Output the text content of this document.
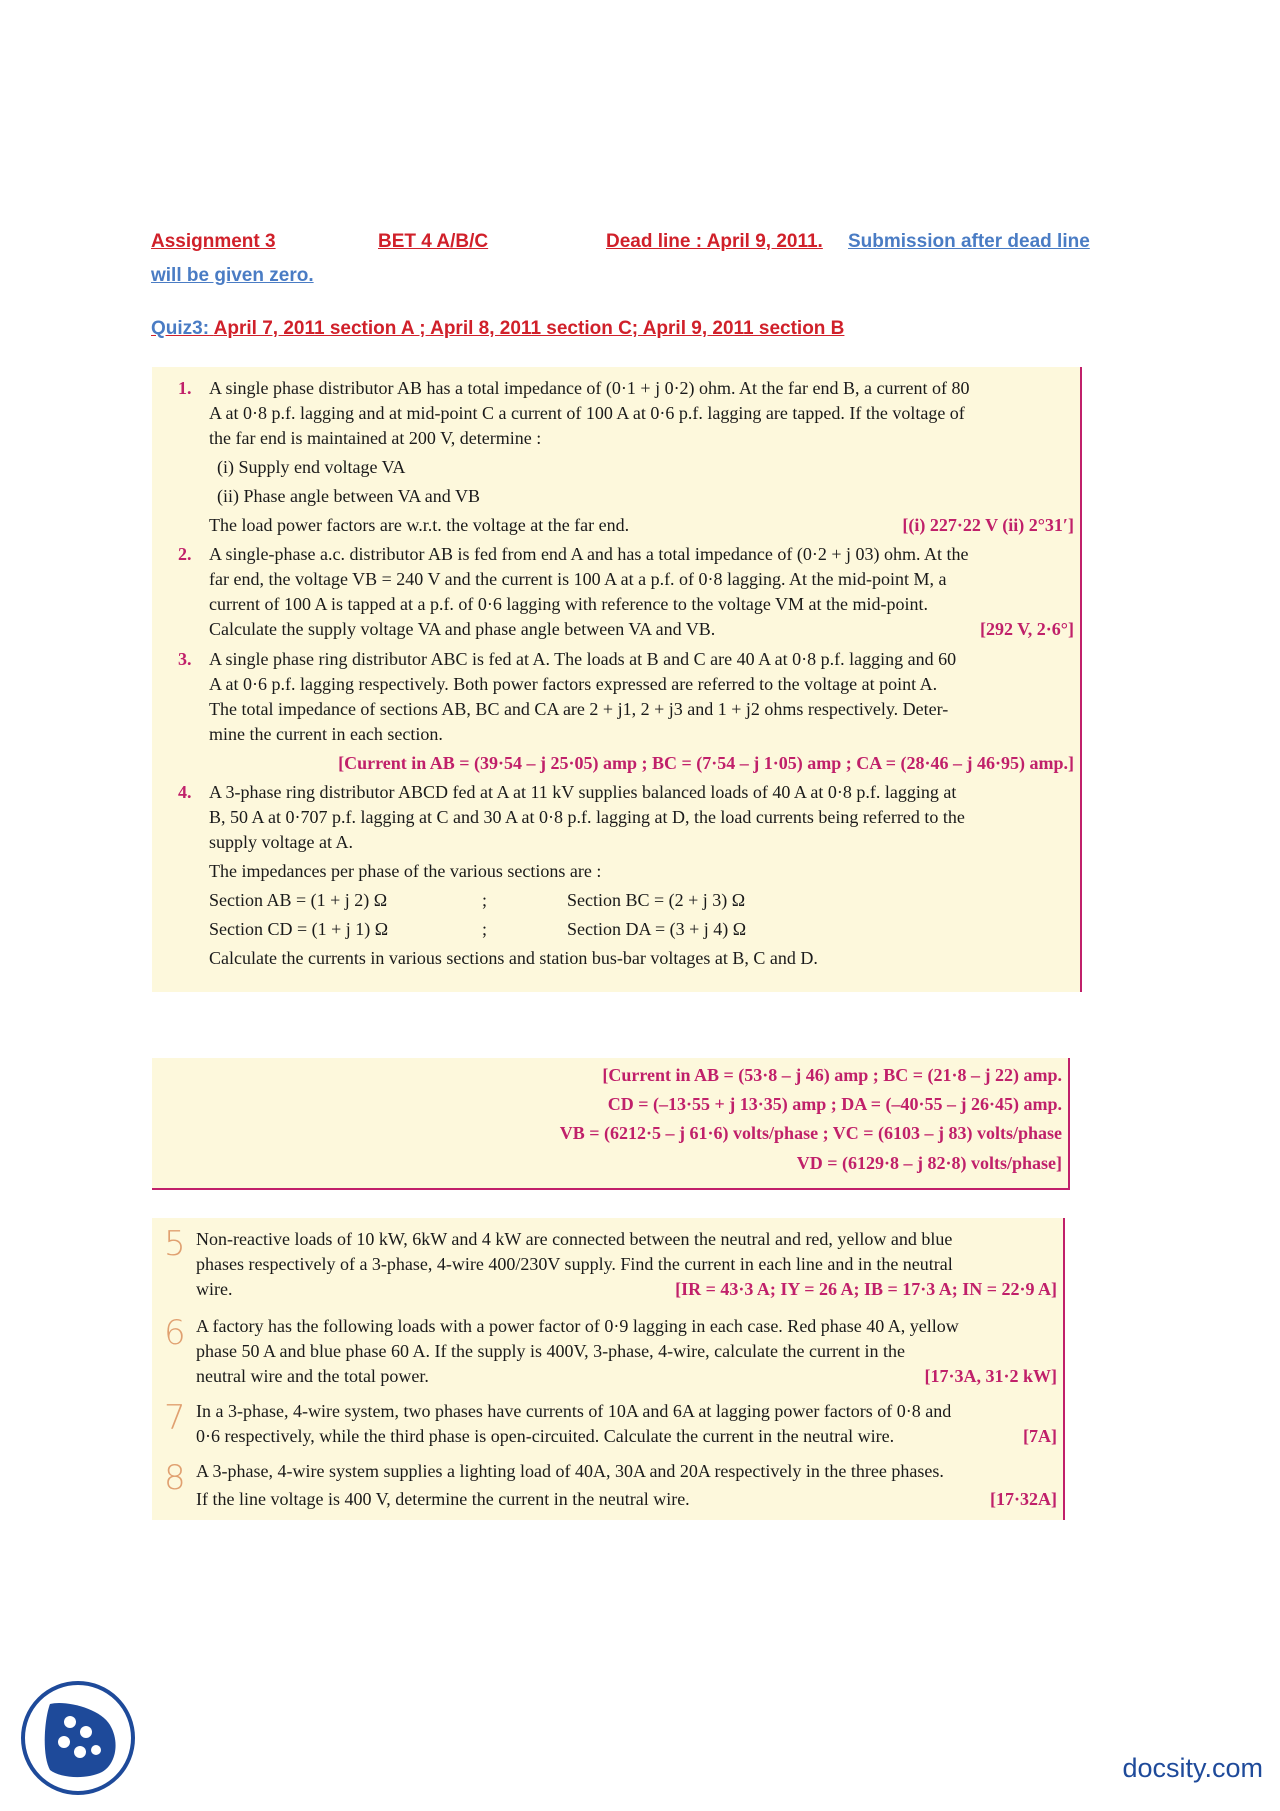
Assignment 3	BET 4 A/B/C	Dead line : April 9, 2011. Submission after dead line
will be given zero.
Quiz3: April 7, 2011 section A ; April 8, 2011 section C; April 9, 2011 section B
1. A single phase distributor AB has a total impedance of (0·1 + j 0·2) ohm. At the far end B, a current of 80
A at 0·8 p.f. lagging and at mid-point C a current of 100 A at 0·6 p.f. lagging are tapped. If the voltage of
the far end is maintained at 200 V, determine :
(i) Supply end voltage VA
(ii) Phase angle between VA and VB
The load power factors are w.r.t. the voltage at the far end.	[(i) 227·22 V (ii) 2°31′]
2. A single-phase a.c. distributor AB is fed from end A and has a total impedance of (0·2 + j 03) ohm. At the
far end, the voltage VB = 240 V and the current is 100 A at a p.f. of 0·8 lagging. At the mid-point M, a
current of 100 A is tapped at a p.f. of 0·6 lagging with reference to the voltage VM at the mid-point.
Calculate the supply voltage VA and phase angle between VA and VB.	[292 V, 2·6°]
3. A single phase ring distributor ABC is fed at A. The loads at B and C are 40 A at 0·8 p.f. lagging and 60
A at 0·6 p.f. lagging respectively. Both power factors expressed are referred to the voltage at point A.
The total impedance of sections AB, BC and CA are 2 + j1, 2 + j3 and 1 + j2 ohms respectively. Deter-
mine the current in each section.
[Current in AB = (39·54 – j 25·05) amp ; BC = (7·54 – j 1·05) amp ; CA = (28·46 – j 46·95) amp.]
4. A 3-phase ring distributor ABCD fed at A at 11 kV supplies balanced loads of 40 A at 0·8 p.f. lagging at
B, 50 A at 0·707 p.f. lagging at C and 30 A at 0·8 p.f. lagging at D, the load currents being referred to the
supply voltage at A.
The impedances per phase of the various sections are :
Section AB = (1 + j 2) Ω	;	Section BC = (2 + j 3) Ω
Section CD = (1 + j 1) Ω	;	Section DA = (3 + j 4) Ω
Calculate the currents in various sections and station bus-bar voltages at B, C and D.
[Current in AB = (53·8 – j 46) amp ; BC = (21·8 – j 22) amp.
CD = (–13·55 + j 13·35) amp ; DA = (–40·55 – j 26·45) amp.
VB = (6212·5 – j 61·6) volts/phase ; VC = (6103 – j 83) volts/phase
VD = (6129·8 – j 82·8) volts/phase]
5 Non-reactive loads of 10 kW, 6kW and 4 kW are connected between the neutral and red, yellow and blue
phases respectively of a 3-phase, 4-wire 400/230V supply. Find the current in each line and in the neutral
wire.	[IR = 43·3 A; IY = 26 A; IB = 17·3 A; IN = 22·9 A]
6 A factory has the following loads with a power factor of 0·9 lagging in each case. Red phase 40 A, yellow
phase 50 A and blue phase 60 A. If the supply is 400V, 3-phase, 4-wire, calculate the current in the
neutral wire and the total power.	[17·3A, 31·2 kW]
7 In a 3-phase, 4-wire system, two phases have currents of 10A and 6A at lagging power factors of 0·8 and
0·6 respectively, while the third phase is open-circuited. Calculate the current in the neutral wire.	[7A]
8 A 3-phase, 4-wire system supplies a lighting load of 40A, 30A and 20A respectively in the three phases.
If the line voltage is 400 V, determine the current in the neutral wire.	[17·32A]
docsity.com
